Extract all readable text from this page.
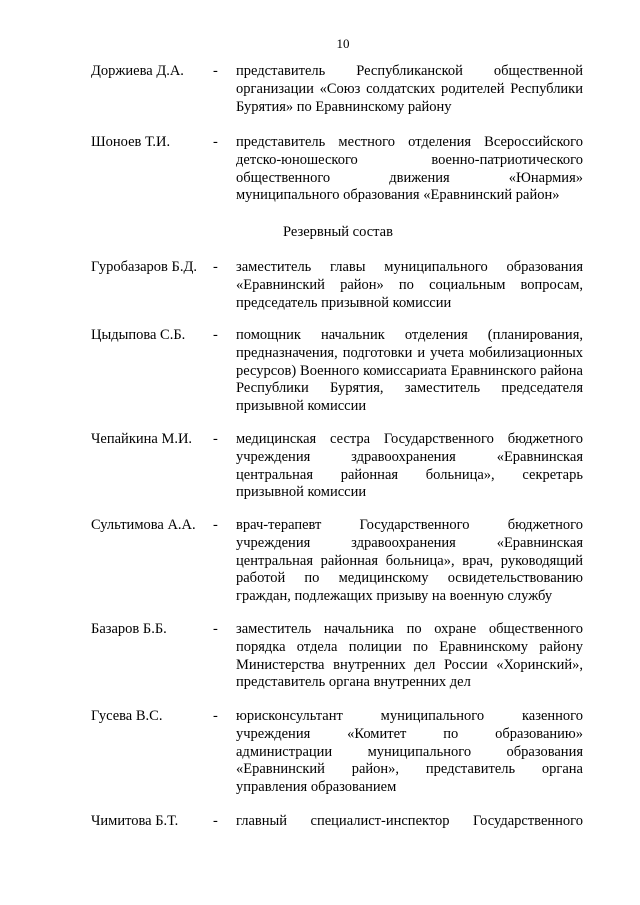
10
Доржиева Д.А. - представитель Республиканской общественной
организации «Союз солдатских родителей Республики
Бурятия» по Еравнинскому району
Шоноев Т.И.	- представитель местного отделения Всероссийского
детско-юношеского военно-патриотического
общественного движения «Юнармия»
муниципального образования «Еравнинский район»
Резервный состав
Гуробазаров Б.Д. - заместитель главы муниципального образования
«Еравнинский район» по социальным вопросам,
председатель призывной комиссии
Цыдыпова С.Б. - помощник начальник отделения (планирования,
предназначения, подготовки и учета мобилизационных
ресурсов) Военного комиссариата Еравнинского района
Республики Бурятия, заместитель председателя
призывной комиссии
Чепайкина М.И. - медицинская сестра Государственного бюджетного
учреждения здравоохранения «Еравнинская
центральная районная больница», секретарь
призывной комиссии
Сультимова А.А. - врач-терапевт Государственного бюджетного
учреждения здравоохранения «Еравнинская
центральная районная больница», врач, руководящий
работой по медицинскому освидетельствованию
граждан, подлежащих призыву на военную службу
Базаров Б.Б.	- заместитель начальника по охране общественного
порядка отдела полиции по Еравнинскому району
Министерства внутренних дел России «Хоринский»,
представитель органа внутренних дел
Гусева В.С.	- юрисконсультант муниципального казенного
учреждения «Комитет по образованию»
администрации муниципального образования
«Еравнинский район», представитель органа
управления образованием
Чимитова Б.Т. - главный специалист-инспектор Государственного
